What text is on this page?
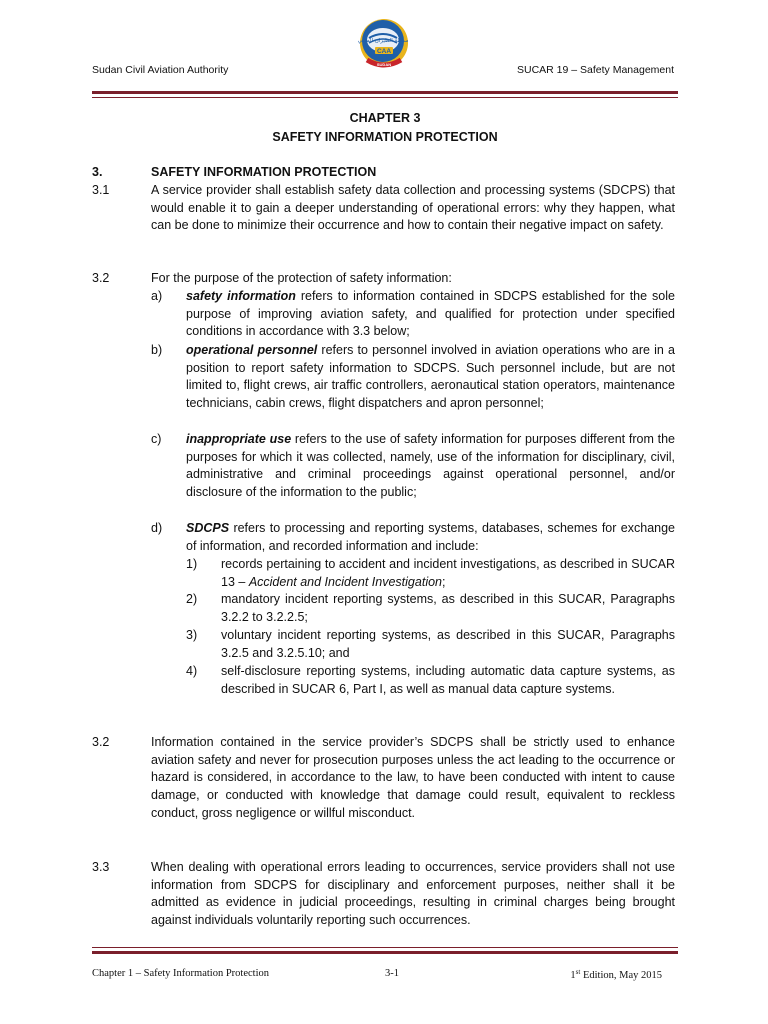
Sudan Civil Aviation Authority
CAA
SUDAN
سلطة الطيران المدني
SUCAR 19 – Safety Management
CHAPTER 3
SAFETY INFORMATION PROTECTION
3.	SAFETY INFORMATION PROTECTION
3.1	A service provider shall establish safety data collection and processing systems (SDCPS) that would enable it to gain a deeper understanding of operational errors: why they happen, what can be done to minimize their occurrence and how to contain their negative impact on safety.
3.2	For the purpose of the protection of safety information:
a)	safety information refers to information contained in SDCPS established for the sole purpose of improving aviation safety, and qualified for protection under specified conditions in accordance with 3.3 below;
b)	operational personnel refers to personnel involved in aviation operations who are in a position to report safety information to SDCPS. Such personnel include, but are not limited to, flight crews, air traffic controllers, aeronautical station operators, maintenance technicians, cabin crews, flight dispatchers and apron personnel;
c)	inappropriate use refers to the use of safety information for purposes different from the purposes for which it was collected, namely, use of the information for disciplinary, civil, administrative and criminal proceedings against operational personnel, and/or disclosure of the information to the public;
d)	SDCPS refers to processing and reporting systems, databases, schemes for exchange of information, and recorded information and include:
1)	records pertaining to accident and incident investigations, as described in SUCAR 13 – Accident and Incident Investigation;
2)	mandatory incident reporting systems, as described in this SUCAR, Paragraphs 3.2.2 to 3.2.2.5;
3)	voluntary incident reporting systems, as described in this SUCAR, Paragraphs 3.2.5 and 3.2.5.10; and
4)	self-disclosure reporting systems, including automatic data capture systems, as described in SUCAR 6, Part I, as well as manual data capture systems.
3.2	Information contained in the service provider’s SDCPS shall be strictly used to enhance aviation safety and never for prosecution purposes unless the act leading to the occurrence or hazard is considered, in accordance to the law, to have been conducted with intent to cause damage, or conducted with knowledge that damage could result, equivalent to reckless conduct, gross negligence or willful misconduct.
3.3	When dealing with operational errors leading to occurrences, service providers shall not use information from SDCPS for disciplinary and enforcement purposes, neither shall it be admitted as evidence in judicial proceedings, resulting in criminal charges being brought against individuals voluntarily reporting such occurrences.
Chapter 1 – Safety Information Protection	3-1	1st Edition, May 2015
